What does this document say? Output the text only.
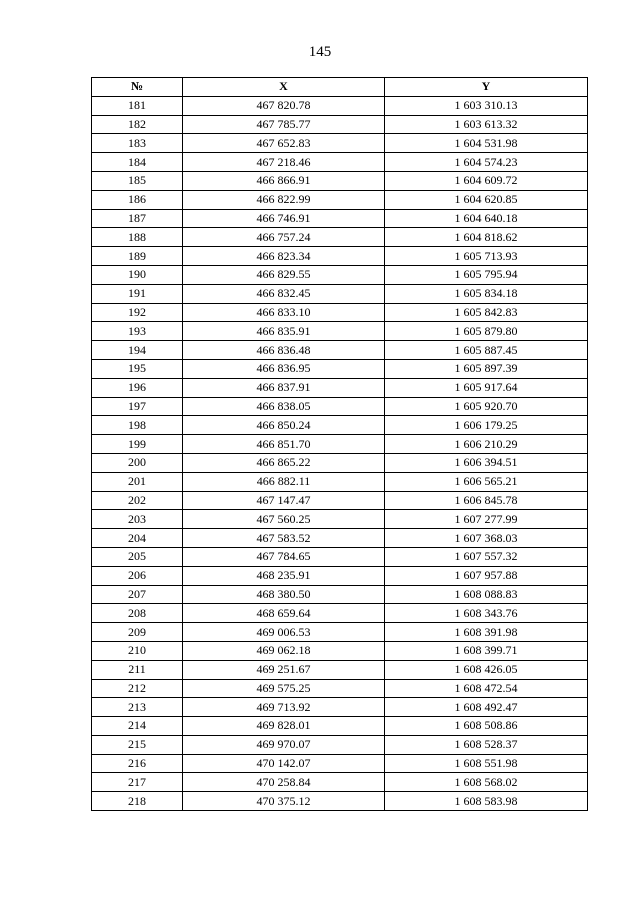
145
№	X	Y
181	467 820.78	1 603 310.13
182	467 785.77	1 603 613.32
183	467 652.83	1 604 531.98
184	467 218.46	1 604 574.23
185	466 866.91	1 604 609.72
186	466 822.99	1 604 620.85
187	466 746.91	1 604 640.18
188	466 757.24	1 604 818.62
189	466 823.34	1 605 713.93
190	466 829.55	1 605 795.94
191	466 832.45	1 605 834.18
192	466 833.10	1 605 842.83
193	466 835.91	1 605 879.80
194	466 836.48	1 605 887.45
195	466 836.95	1 605 897.39
196	466 837.91	1 605 917.64
197	466 838.05	1 605 920.70
198	466 850.24	1 606 179.25
199	466 851.70	1 606 210.29
200	466 865.22	1 606 394.51
201	466 882.11	1 606 565.21
202	467 147.47	1 606 845.78
203	467 560.25	1 607 277.99
204	467 583.52	1 607 368.03
205	467 784.65	1 607 557.32
206	468 235.91	1 607 957.88
207	468 380.50	1 608 088.83
208	468 659.64	1 608 343.76
209	469 006.53	1 608 391.98
210	469 062.18	1 608 399.71
211	469 251.67	1 608 426.05
212	469 575.25	1 608 472.54
213	469 713.92	1 608 492.47
214	469 828.01	1 608 508.86
215	469 970.07	1 608 528.37
216	470 142.07	1 608 551.98
217	470 258.84	1 608 568.02
218	470 375.12	1 608 583.98
